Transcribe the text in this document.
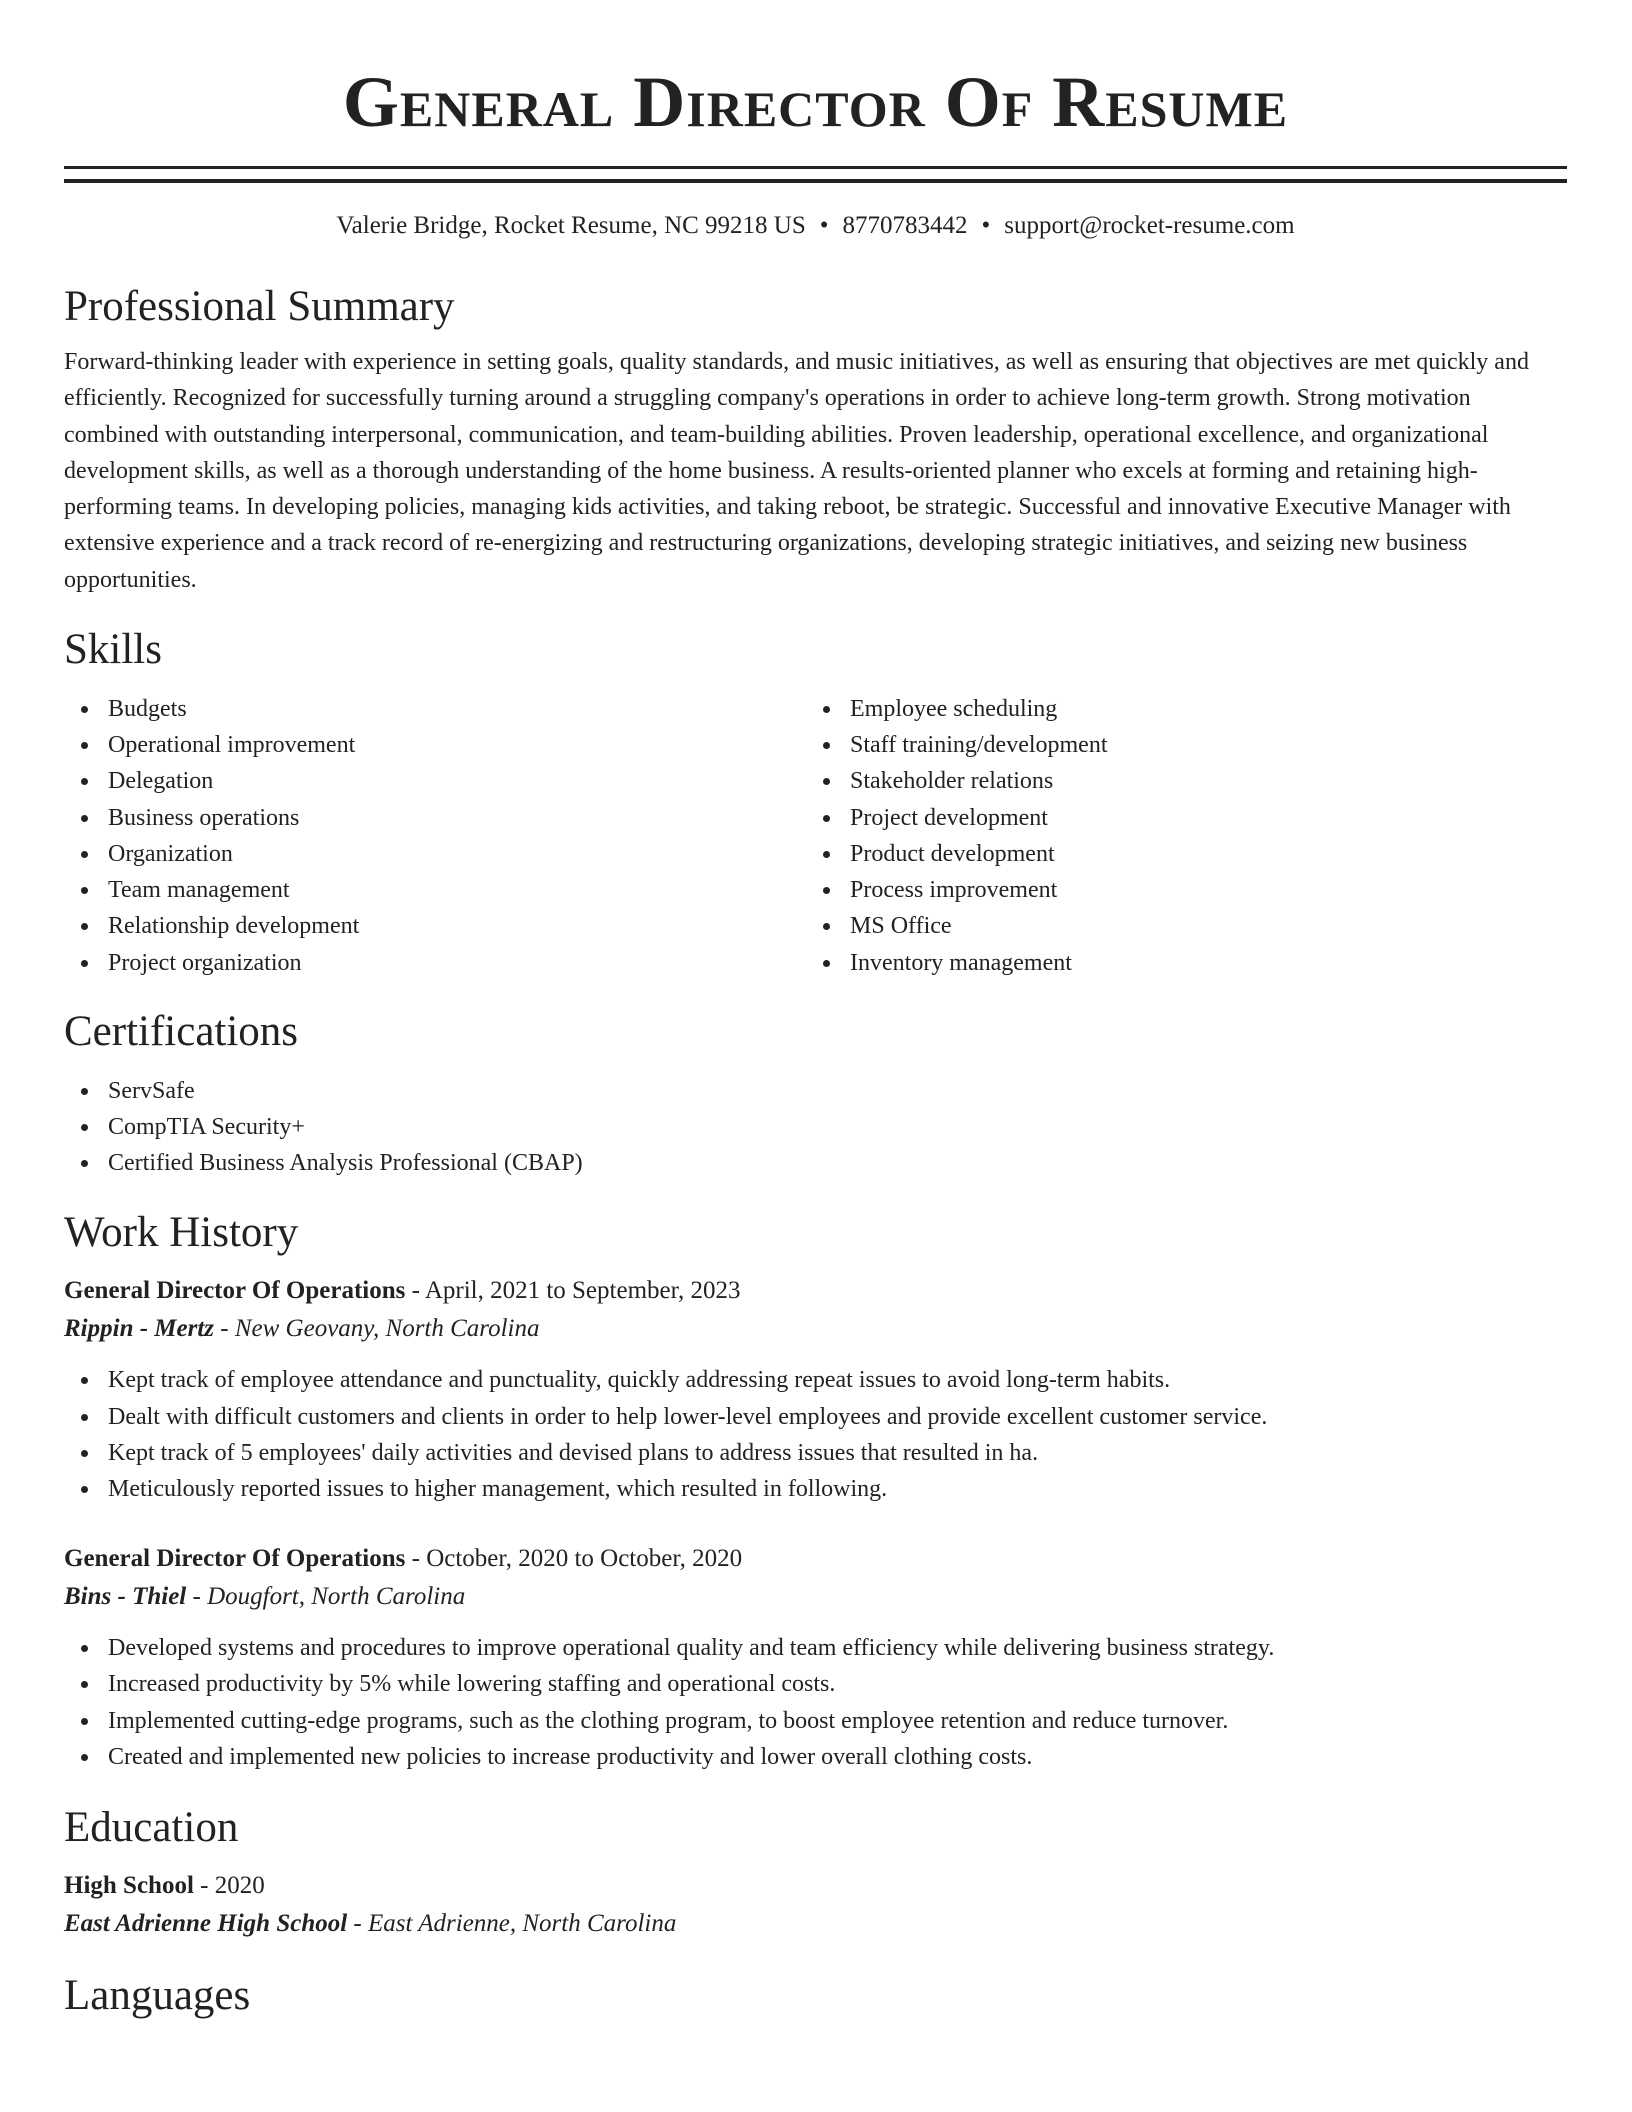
General Director Of Resume
Valerie Bridge, Rocket Resume, NC 99218 US • 8770783442 • support@rocket-resume.com
Professional Summary
Forward-thinking leader with experience in setting goals, quality standards, and music initiatives, as well as ensuring that objectives are met quickly and efficiently. Recognized for successfully turning around a struggling company's operations in order to achieve long-term growth. Strong motivation combined with outstanding interpersonal, communication, and team-building abilities. Proven leadership, operational excellence, and organizational development skills, as well as a thorough understanding of the home business. A results-oriented planner who excels at forming and retaining high-performing teams. In developing policies, managing kids activities, and taking reboot, be strategic. Successful and innovative Executive Manager with extensive experience and a track record of re-energizing and restructuring organizations, developing strategic initiatives, and seizing new business opportunities.
Skills
Budgets
Operational improvement
Delegation
Business operations
Organization
Team management
Relationship development
Project organization
Employee scheduling
Staff training/development
Stakeholder relations
Project development
Product development
Process improvement
MS Office
Inventory management
Certifications
ServSafe
CompTIA Security+
Certified Business Analysis Professional (CBAP)
Work History
General Director Of Operations - April, 2021 to September, 2023
Rippin - Mertz - New Geovany, North Carolina
Kept track of employee attendance and punctuality, quickly addressing repeat issues to avoid long-term habits.
Dealt with difficult customers and clients in order to help lower-level employees and provide excellent customer service.
Kept track of 5 employees' daily activities and devised plans to address issues that resulted in ha.
Meticulously reported issues to higher management, which resulted in following.
General Director Of Operations - October, 2020 to October, 2020
Bins - Thiel - Dougfort, North Carolina
Developed systems and procedures to improve operational quality and team efficiency while delivering business strategy.
Increased productivity by 5% while lowering staffing and operational costs.
Implemented cutting-edge programs, such as the clothing program, to boost employee retention and reduce turnover.
Created and implemented new policies to increase productivity and lower overall clothing costs.
Education
High School - 2020
East Adrienne High School - East Adrienne, North Carolina
Languages
